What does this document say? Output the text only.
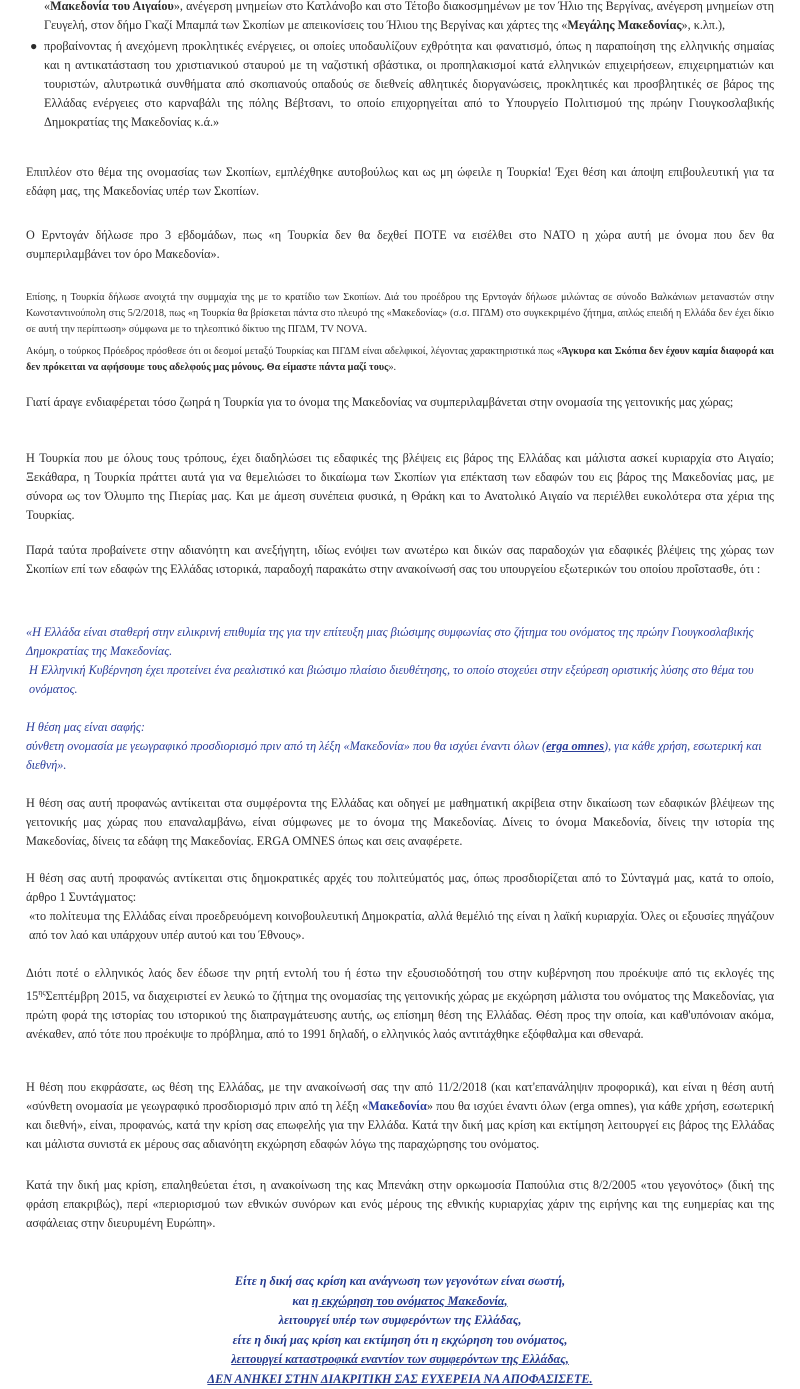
«Μακεδονία του Αιγαίου», ανέγερση μνημείων στο Κατλάνοβο και στο Τέτοβο διακοσμημένων με τον Ήλιο της Βεργίνας, ανέγερση μνημείων στη Γευγελή, στον δήμο Γκαζί Μπαμπά των Σκοπίων με απεικονίσεις του Ήλιου της Βεργίνας και χάρτες της «Μεγάλης Μακεδονίας», κ.λπ.),
● προβαίνοντας ή ανεχόμενη προκλητικές ενέργειες, οι οποίες υποδαυλίζουν εχθρότητα και φανατισμό, όπως η παραποίηση της ελληνικής σημαίας και η αντικατάσταση του χριστιανικού σταυρού με τη ναζιστική σβάστικα, οι προπηλακισμοί κατά ελληνικών επιχειρήσεων, επιχειρηματιών και τουριστών, αλυτρωτικά συνθήματα από σκοπιανούς οπαδούς σε διεθνείς αθλητικές διοργανώσεις, προκλητικές και προσβλητικές σε βάρος της Ελλάδας ενέργειες στο καρναβάλι της πόλης Βέβτσανι, το οποίο επιχορηγείται από το Υπουργείο Πολιτισμού της πρώην Γιουγκοσλαβικής Δημοκρατίας της Μακεδονίας κ.ά.»

Επιπλέον στο θέμα της ονομασίας των Σκοπίων, εμπλέχθηκε αυτοβούλως και ως μη ώφειλε η Τουρκία! Έχει θέση και άποψη επιβουλευτική για τα εδάφη μας, της Μακεδονίας υπέρ των Σκοπίων.

Ο Ερντογάν δήλωσε προ 3 εβδομάδων, πως «η Τουρκία δεν θα δεχθεί ΠΟΤΕ να εισέλθει στο ΝΑΤΟ η χώρα αυτή με όνομα που δεν θα συμπεριλαμβάνει τον όρο Μακεδονία».

Επίσης, η Τουρκία δήλωσε ανοιχτά την συμμαχία της με το κρατίδιο των Σκοπίων. Διά του προέδρου της Ερντογάν δήλωσε μιλώντας σε σύνοδο Βαλκάνιων μεταναστών στην Κωνσταντινούπολη στις 5/2/2018, πως «η Τουρκία θα βρίσκεται πάντα στο πλευρό της «Μακεδονίας» (σ.σ. ΠΓΔΜ) στο συγκεκριμένο ζήτημα, απλώς επειδή η Ελλάδα δεν έχει δίκιο σε αυτή την περίπτωση» σύμφωνα με το τηλεοπτικό δίκτυο της ΠΓΔΜ, TV NOVA.

Ακόμη, ο τούρκος Πρόεδρος πρόσθεσε ότι οι δεσμοί μεταξύ Τουρκίας και ΠΓΔΜ είναι αδελφικοί, λέγοντας χαρακτηριστικά πως «Άγκυρα και Σκόπια δεν έχουν καμία διαφορά και δεν πρόκειται να αφήσουμε τους αδελφούς μας μόνους. Θα είμαστε πάντα μαζί τους».

Γιατί άραγε ενδιαφέρεται τόσο ζωηρά η Τουρκία για το όνομα της Μακεδονίας να συμπεριλαμβάνεται στην ονομασία της γειτονικής μας χώρας;

Η Τουρκία που με όλους τους τρόπους, έχει διαδηλώσει τις εδαφικές της βλέψεις εις βάρος της Ελλάδας και μάλιστα ασκεί κυριαρχία στο Αιγαίο; Ξεκάθαρα, η Τουρκία πράττει αυτά για να θεμελιώσει το δικαίωμα των Σκοπίων για επέκταση των εδαφών του εις βάρος της Μακεδονίας μας, με σύνορα ως τον Όλυμπο της Πιερίας μας. Και με άμεση συνέπεια φυσικά, η Θράκη και το Ανατολικό Αιγαίο να περιέλθει ευκολότερα στα χέρια της Τουρκίας.

Παρά ταύτα προβαίνετε στην αδιανόητη και ανεξήγητη, ιδίως ενόψει των ανωτέρω και δικών σας παραδοχών για εδαφικές βλέψεις της χώρας των Σκοπίων επί των εδαφών της Ελλάδας ιστορικά, παραδοχή παρακάτω στην ανακοίνωσή σας του υπουργείου εξωτερικών του οποίου προΐστασθε, ότι :

«Η Ελλάδα είναι σταθερή στην ειλικρινή επιθυμία της για την επίτευξη μιας βιώσιμης συμφωνίας στο ζήτημα του ονόματος της πρώην Γιουγκοσλαβικής Δημοκρατίας της Μακεδονίας.

Η Ελληνική Κυβέρνηση έχει προτείνει ένα ρεαλιστικό και βιώσιμο πλαίσιο διευθέτησης, το οποίο στοχεύει στην εξεύρεση οριστικής λύσης στο θέμα του ονόματος.

Η θέση μας είναι σαφής:

σύνθετη ονομασία με γεωγραφικό προσδιορισμό πριν από τη λέξη «Μακεδονία» που θα ισχύει έναντι όλων (erga omnes), για κάθε χρήση, εσωτερική και διεθνή».

Η θέση σας αυτή προφανώς αντίκειται στα συμφέροντα της Ελλάδας και οδηγεί με μαθηματική ακρίβεια στην δικαίωση των εδαφικών βλέψεων της γειτονικής μας χώρας που επαναλαμβάνω, είναι σύμφωνες με το όνομα της Μακεδονίας. Δίνεις το όνομα Μακεδονία, δίνεις την ιστορία της Μακεδονίας, δίνεις τα εδάφη της Μακεδονίας. ERGA OMNES όπως και σεις αναφέρετε.

Η θέση σας αυτή προφανώς αντίκειται στις δημοκρατικές αρχές του πολιτεύματός μας, όπως προσδιορίζεται από το Σύνταγμά μας, κατά το οποίο, άρθρο 1 Συντάγματος:

«το πολίτευμα της Ελλάδας είναι προεδρευόμενη κοινοβουλευτική Δημοκρατία, αλλά θεμέλιό της είναι η λαϊκή κυριαρχία. Όλες οι εξουσίες πηγάζουν από τον λαό και υπάρχουν υπέρ αυτού και του Έθνους».

Διότι ποτέ ο ελληνικός λαός δεν έδωσε την ρητή εντολή του ή έστω την εξουσιοδότησή του στην κυβέρνηση που προέκυψε από τις εκλογές της $15^{\eta\varsigma}\Sigma\varepsilon\pi\tau έ\mu\beta\rho\eta$ 2015, να διαχειριστεί εν λευκώ το ζήτημα της ονομασίας της γειτονικής χώρας με εκχώρηση μάλιστα του ονόματος της Μακεδονίας, για πρώτη φορά της ιστορίας του ιστορικού της διαπραγμάτευσης αυτής, ως επίσημη θέση της Ελλάδας. Θέση προς την οποία, και καθ'υπόνοιαν ακόμα, ανέκαθεν, από τότε που προέκυψε το πρόβλημα, από το 1991 δηλαδή, ο ελληνικός λαός αντιτάχθηκε εξόφθαλμα και σθεναρά.

Η θέση που εκφράσατε, ως θέση της Ελλάδας, με την ανακοίνωσή σας την από 11/2/2018 (και κατ'επανάληψιν προφορικά), και είναι η θέση αυτή «σύνθετη ονομασία με γεωγραφικό προσδιορισμό πριν από τη λέξη «Μακεδονία» που θα ισχύει έναντι όλων (erga omnes), για κάθε χρήση, εσωτερική και διεθνή», είναι, προφανώς, κατά την κρίση σας επωφελής για την Ελλάδα. Κατά την δική μας κρίση και εκτίμηση λειτουργεί εις βάρος της Ελλάδας και μάλιστα συνιστά εκ μέρους σας αδιανόητη εκχώρηση εδαφών λόγω της παραχώρησης του ονόματος.

Κατά την δική μας κρίση, επαληθεύεται έτσι, η ανακοίνωση της κας Μπενάκη στην ορκωμοσία Παπούλια στις 8/2/2005 «του γεγονότος» (δική της φράση επακριβώς), περί «περιορισμού των εθνικών συνόρων και ενός μέρους της εθνικής κυριαρχίας χάριν της ειρήνης και της ευημερίας και της ασφάλειας στην διευρυμένη Ευρώπη».

Είτε η δική σας κρίση και ανάγνωση των γεγονότων είναι σωστή,

και η εκχώρηση του ονόματος Μακεδονία,

λειτουργεί υπέρ των συμφερόντων της Ελλάδας,

είτε η δική μας κρίση και εκτίμηση ότι η εκχώρηση του ονόματος,

λειτουργεί καταστροφικά εναντίον των συμφερόντων της Ελλάδας,

ΔΕΝ ΑΝΗΚΕΙ ΣΤΗΝ ΔΙΑΚΡΙΤΙΚΗ ΣΑΣ ΕΥΧΕΡΕΙΑ ΝΑ ΑΠΟΦΑΣΙΣΕΤΕ.
